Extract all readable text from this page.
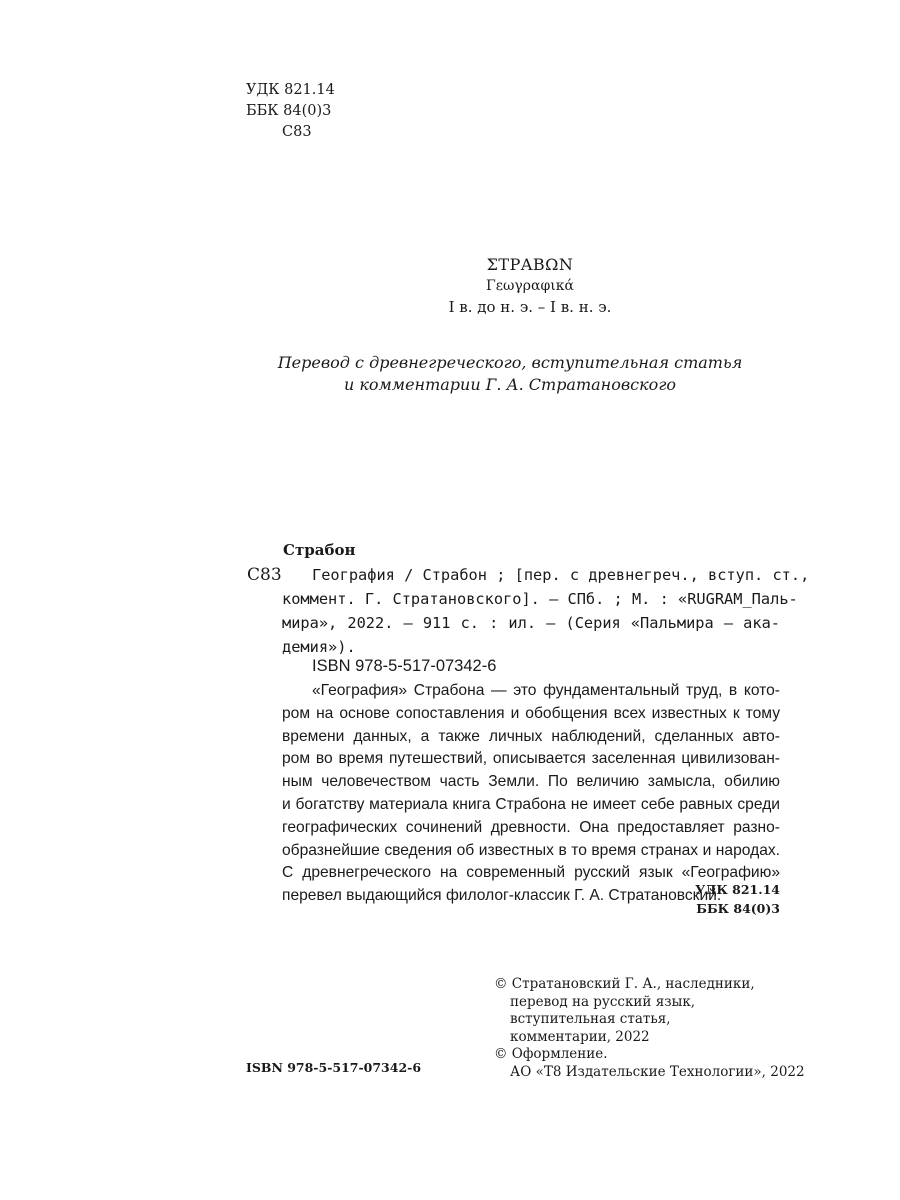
УДК 821.14
ББК 84(0)3
С83
ΣΤΡΑΒΩΝ
Γεωγραφικά
I в. до н. э. – I в. н. э.
Перевод с древнегреческого, вступительная статья
и комментарии Г. А. Стратановского
Страбон
С83	География / Страбон ; [пер. с древнегреч., вступ. ст.,
коммент. Г. Стратановского]. — СПб. ; М. : «RUGRAM_Паль-
мира», 2022. — 911 с. : ил. — (Серия «Пальмира — ака-
демия»).
ISBN 978-5-517-07342-6
«География» Страбона — это фундаментальный труд, в кото-
ром на основе сопоставления и обобщения всех известных к тому
времени данных, а также личных наблюдений, сделанных авто-
ром во время путешествий, описывается заселенная цивилизован-
ным человечеством часть Земли. По величию замысла, обилию
и богатству материала книга Страбона не имеет себе равных среди
географических сочинений древности. Она предоставляет разно-
образнейшие сведения об известных в то время странах и народах.
С древнегреческого на современный русский язык «Географию»
перевел выдающийся филолог-классик Г. А. Стратановский.
УДК 821.14
ББК 84(0)3
© Стратановский Г. А., наследники,
перевод на русский язык,
вступительная статья,
комментарии, 2022
© Оформление.
АО «Т8 Издательские Технологии», 2022
ISBN 978-5-517-07342-6
